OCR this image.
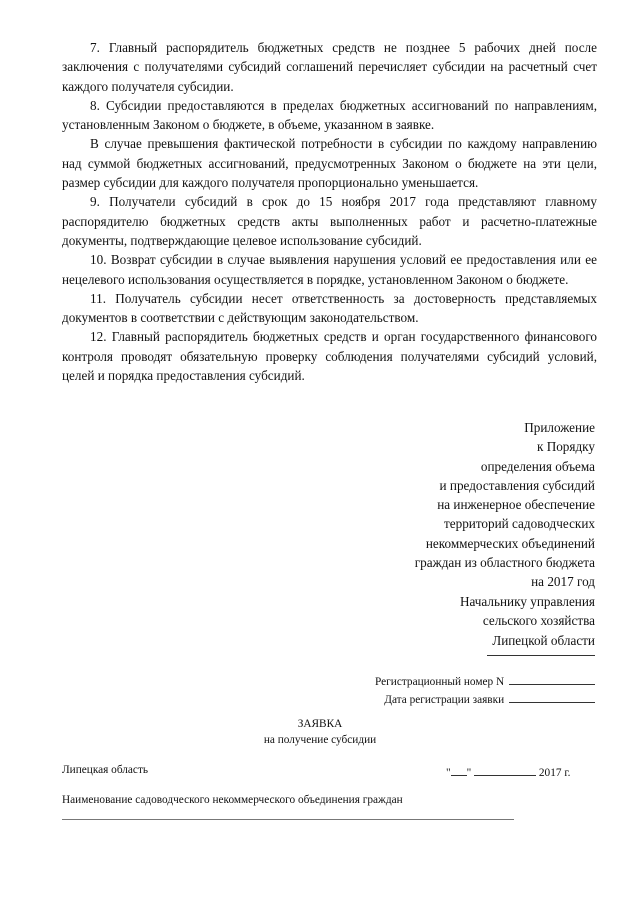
7. Главный распорядитель бюджетных средств не позднее 5 рабочих дней после заключения с получателями субсидий соглашений перечисляет субсидии на расчетный счет каждого получателя субсидии.

8. Субсидии предоставляются в пределах бюджетных ассигнований по направлениям, установленным Законом о бюджете, в объеме, указанном в заявке.

В случае превышения фактической потребности в субсидии по каждому направлению над суммой бюджетных ассигнований, предусмотренных Законом о бюджете на эти цели, размер субсидии для каждого получателя пропорционально уменьшается.

9. Получатели субсидий в срок до 15 ноября 2017 года представляют главному распорядителю бюджетных средств акты выполненных работ и расчетно-платежные документы, подтверждающие целевое использование субсидий.

10. Возврат субсидии в случае выявления нарушения условий ее предоставления или ее нецелевого использования осуществляется в порядке, установленном Законом о бюджете.

11. Получатель субсидии несет ответственность за достоверность представляемых документов в соответствии с действующим законодательством.

12. Главный распорядитель бюджетных средств и орган государственного финансового контроля проводят обязательную проверку соблюдения получателями субсидий условий, целей и порядка предоставления субсидий.

Приложение
к Порядку
определения объема
и предоставления субсидий
на инженерное обеспечение
территорий садоводческих
некоммерческих объединений
граждан из областного бюджета
на 2017 год
Начальнику управления
сельского хозяйства
Липецкой области
Регистрационный номер N
Дата регистрации заявки
ЗАЯВКА
на получение субсидии
Липецкая область	" "	2017 г.
Наименование садоводческого некоммерческого объединения граждан
